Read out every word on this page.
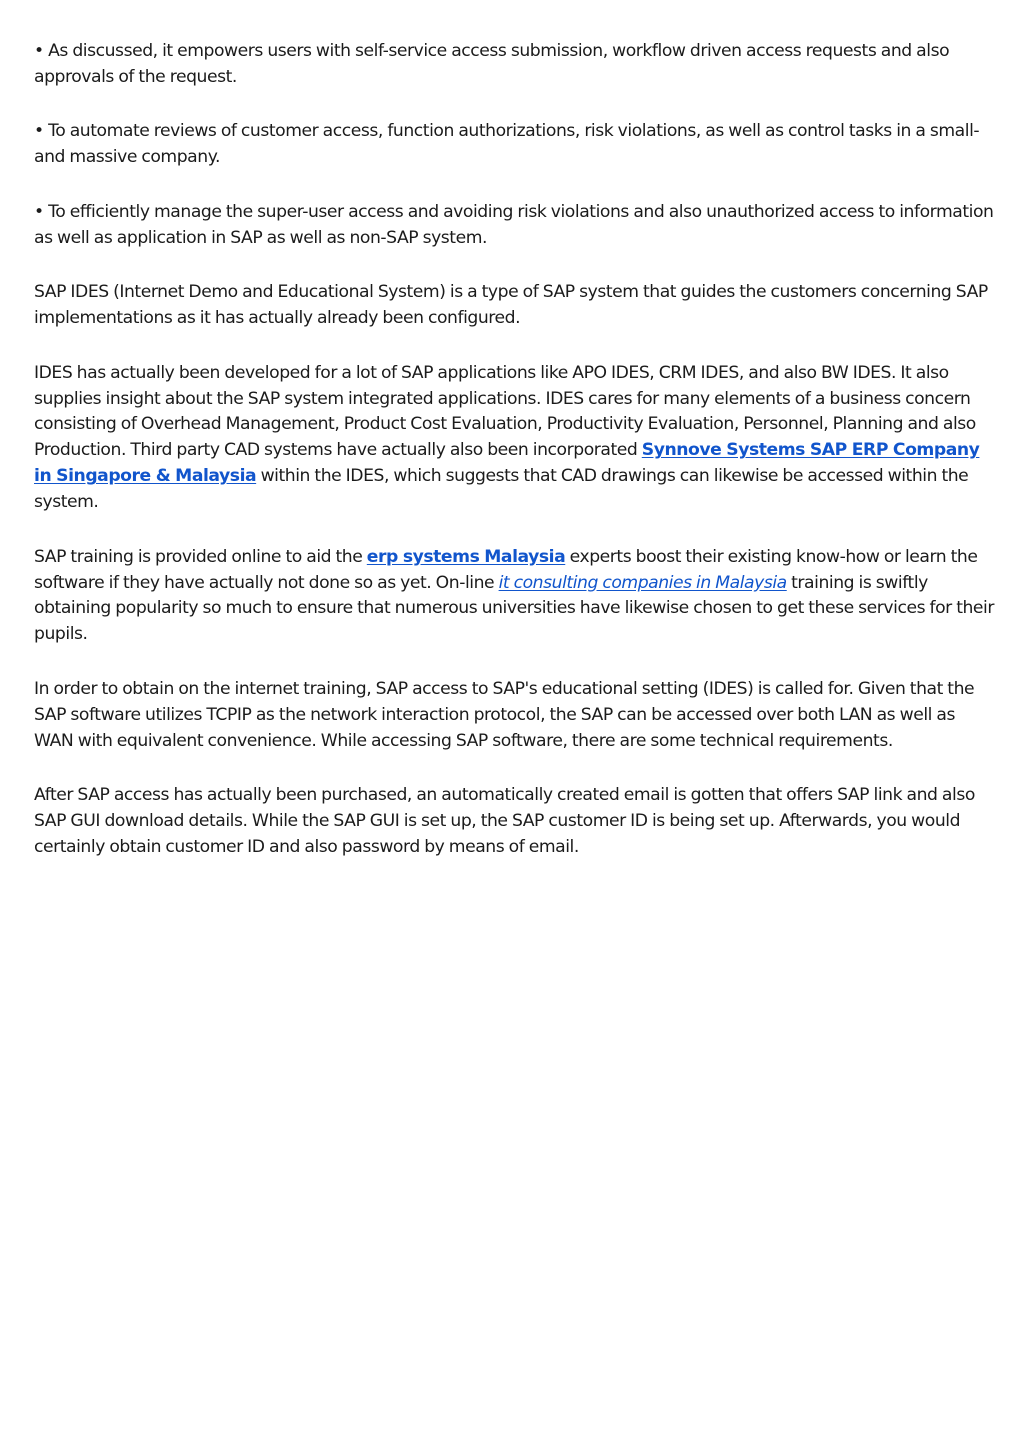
• As discussed, it empowers users with self-service access submission, workflow driven access requests and also approvals of the request.

• To automate reviews of customer access, function authorizations, risk violations, as well as control tasks in a small- and massive company.

• To efficiently manage the super-user access and avoiding risk violations and also unauthorized access to information as well as application in SAP as well as non-SAP system.

SAP IDES (Internet Demo and Educational System) is a type of SAP system that guides the customers concerning SAP implementations as it has actually already been configured.

IDES has actually been developed for a lot of SAP applications like APO IDES, CRM IDES, and also BW IDES. It also supplies insight about the SAP system integrated applications. IDES cares for many elements of a business concern consisting of Overhead Management, Product Cost Evaluation, Productivity Evaluation, Personnel, Planning and also Production. Third party CAD systems have actually also been incorporated Synnove Systems SAP ERP Company in Singapore & Malaysia within the IDES, which suggests that CAD drawings can likewise be accessed within the system.

SAP training is provided online to aid the erp systems Malaysia experts boost their existing know-how or learn the software if they have actually not done so as yet. On-line it consulting companies in Malaysia training is swiftly obtaining popularity so much to ensure that numerous universities have likewise chosen to get these services for their pupils.

In order to obtain on the internet training, SAP access to SAP's educational setting (IDES) is called for. Given that the SAP software utilizes TCPIP as the network interaction protocol, the SAP can be accessed over both LAN as well as WAN with equivalent convenience. While accessing SAP software, there are some technical requirements.

After SAP access has actually been purchased, an automatically created email is gotten that offers SAP link and also SAP GUI download details. While the SAP GUI is set up, the SAP customer ID is being set up. Afterwards, you would certainly obtain customer ID and also password by means of email.
